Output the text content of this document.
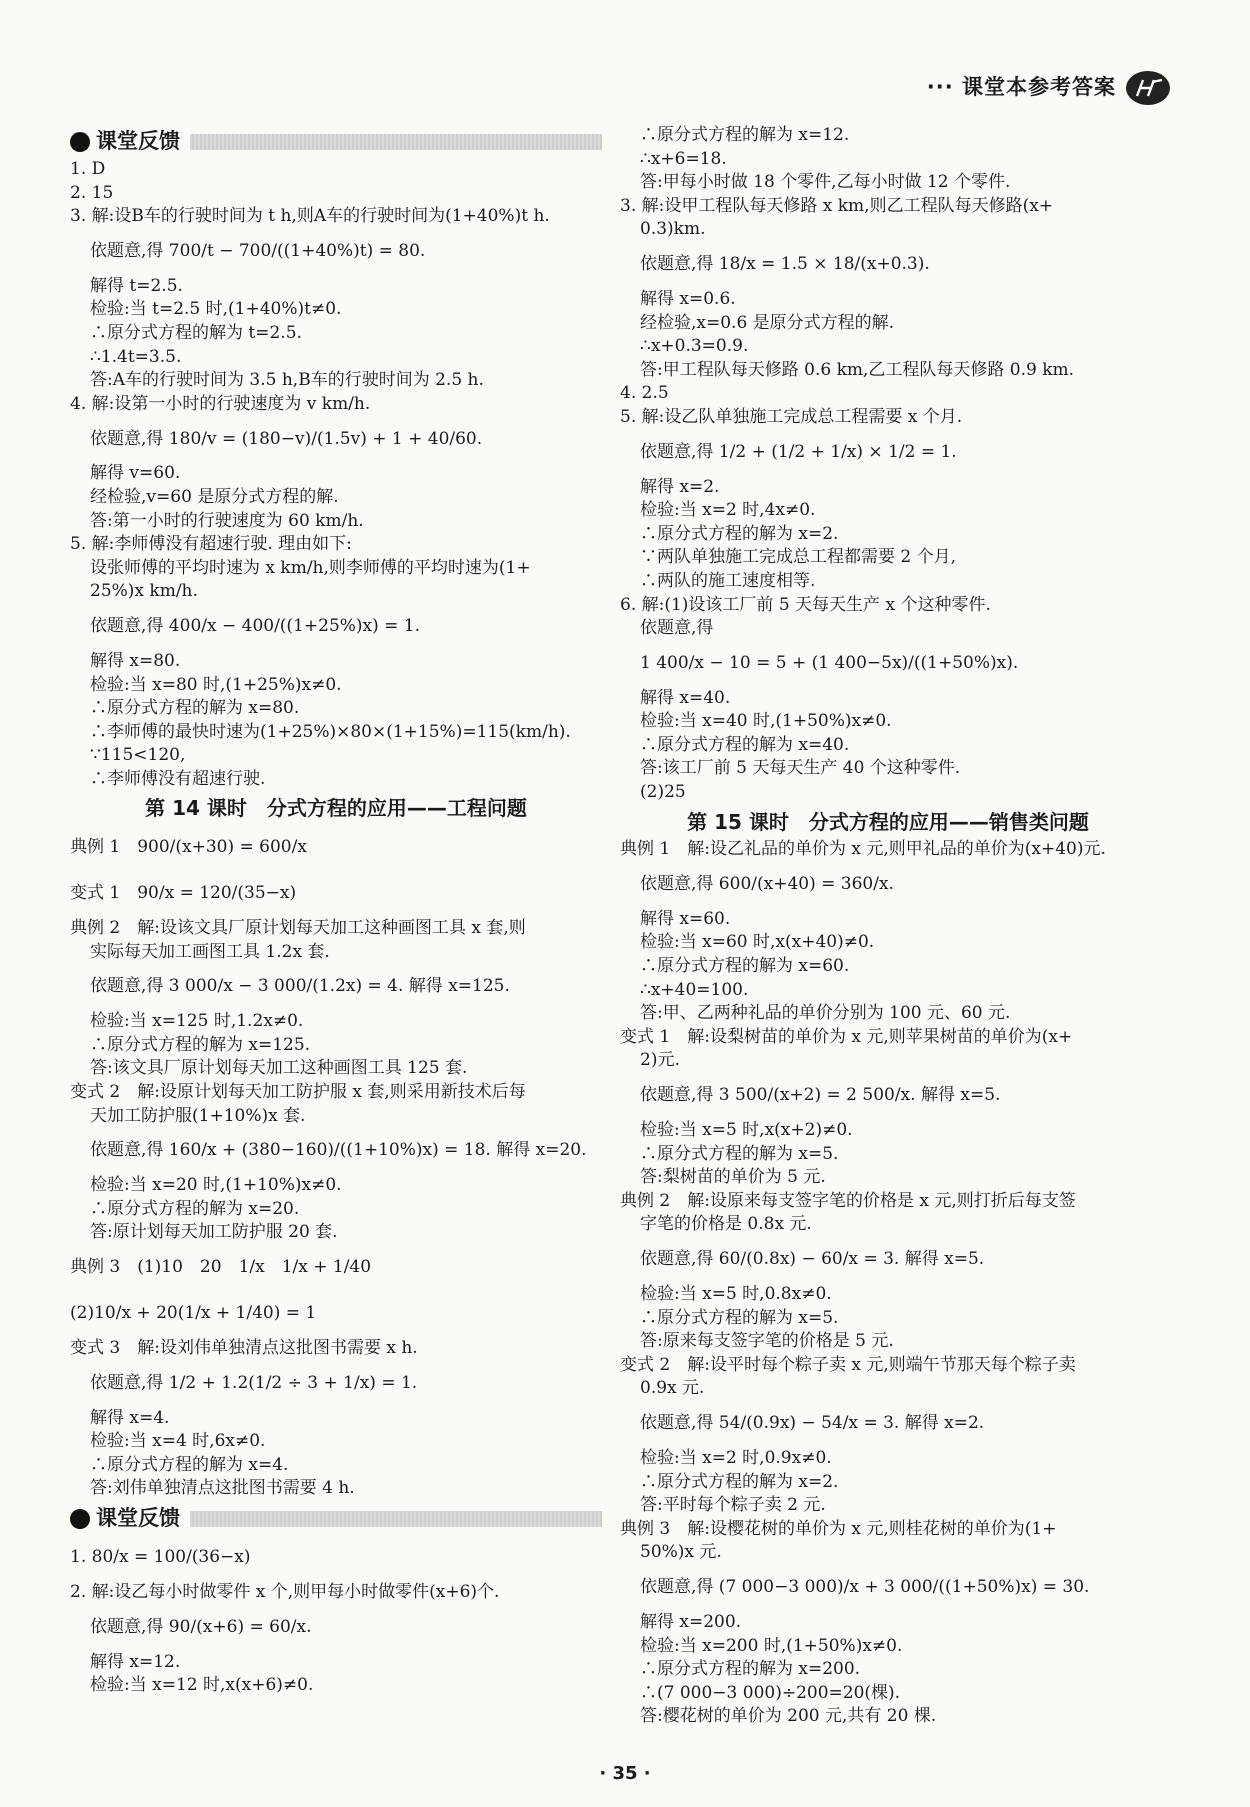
··· 课堂本参考答案
课堂反馈
1. D
2. 15
3. 解:设B车的行驶时间为 t h,则A车的行驶时间为(1+40%)t h.
依题意,得 700/t − 700/((1+40%)t) = 80.
解得 t=2.5.
检验:当 t=2.5 时,(1+40%)t≠0.
∴原分式方程的解为 t=2.5.
∴1.4t=3.5.
答:A车的行驶时间为 3.5 h,B车的行驶时间为 2.5 h.
4. 解:设第一小时的行驶速度为 v km/h.
依题意,得 180/v = (180−v)/(1.5v) + 1 + 40/60.
解得 v=60.
经检验,v=60 是原分式方程的解.
答:第一小时的行驶速度为 60 km/h.
5. 解:李师傅没有超速行驶. 理由如下:
设张师傅的平均时速为 x km/h,则李师傅的平均时速为(1+
25%)x km/h.
依题意,得 400/x − 400/((1+25%)x) = 1.
解得 x=80.
检验:当 x=80 时,(1+25%)x≠0.
∴原分式方程的解为 x=80.
∴李师傅的最快时速为(1+25%)×80×(1+15%)=115(km/h).
∵115<120,
∴李师傅没有超速行驶.
第 14 课时　分式方程的应用——工程问题
典例 1　900/(x+30) = 600/x
变式 1　90/x = 120/(35−x)
典例 2　解:设该文具厂原计划每天加工这种画图工具 x 套,则
实际每天加工画图工具 1.2x 套.
依题意,得 3 000/x − 3 000/(1.2x) = 4. 解得 x=125.
检验:当 x=125 时,1.2x≠0.
∴原分式方程的解为 x=125.
答:该文具厂原计划每天加工这种画图工具 125 套.
变式 2　解:设原计划每天加工防护服 x 套,则采用新技术后每
天加工防护服(1+10%)x 套.
依题意,得 160/x + (380−160)/((1+10%)x) = 18. 解得 x=20.
检验:当 x=20 时,(1+10%)x≠0.
∴原分式方程的解为 x=20.
答:原计划每天加工防护服 20 套.
典例 3　(1)10　20　1/x　1/x + 1/40
(2)10/x + 20(1/x + 1/40) = 1
变式 3　解:设刘伟单独清点这批图书需要 x h.
依题意,得 1/2 + 1.2(1/2 ÷ 3 + 1/x) = 1.
解得 x=4.
检验:当 x=4 时,6x≠0.
∴原分式方程的解为 x=4.
答:刘伟单独清点这批图书需要 4 h.
课堂反馈
1. 80/x = 100/(36−x)
2. 解:设乙每小时做零件 x 个,则甲每小时做零件(x+6)个.
依题意,得 90/(x+6) = 60/x.
解得 x=12.
检验:当 x=12 时,x(x+6)≠0.
∴原分式方程的解为 x=12.
∴x+6=18.
答:甲每小时做 18 个零件,乙每小时做 12 个零件.
3. 解:设甲工程队每天修路 x km,则乙工程队每天修路(x+
0.3)km.
依题意,得 18/x = 1.5 × 18/(x+0.3).
解得 x=0.6.
经检验,x=0.6 是原分式方程的解.
∴x+0.3=0.9.
答:甲工程队每天修路 0.6 km,乙工程队每天修路 0.9 km.
4. 2.5
5. 解:设乙队单独施工完成总工程需要 x 个月.
依题意,得 1/2 + (1/2 + 1/x) × 1/2 = 1.
解得 x=2.
检验:当 x=2 时,4x≠0.
∴原分式方程的解为 x=2.
∵两队单独施工完成总工程都需要 2 个月,
∴两队的施工速度相等.
6. 解:(1)设该工厂前 5 天每天生产 x 个这种零件.
依题意,得
1 400/x − 10 = 5 + (1 400−5x)/((1+50%)x).
解得 x=40.
检验:当 x=40 时,(1+50%)x≠0.
∴原分式方程的解为 x=40.
答:该工厂前 5 天每天生产 40 个这种零件.
(2)25
第 15 课时　分式方程的应用——销售类问题
典例 1　解:设乙礼品的单价为 x 元,则甲礼品的单价为(x+40)元.
依题意,得 600/(x+40) = 360/x.
解得 x=60.
检验:当 x=60 时,x(x+40)≠0.
∴原分式方程的解为 x=60.
∴x+40=100.
答:甲、乙两种礼品的单价分别为 100 元、60 元.
变式 1　解:设梨树苗的单价为 x 元,则苹果树苗的单价为(x+
2)元.
依题意,得 3 500/(x+2) = 2 500/x. 解得 x=5.
检验:当 x=5 时,x(x+2)≠0.
∴原分式方程的解为 x=5.
答:梨树苗的单价为 5 元.
典例 2　解:设原来每支签字笔的价格是 x 元,则打折后每支签
字笔的价格是 0.8x 元.
依题意,得 60/(0.8x) − 60/x = 3. 解得 x=5.
检验:当 x=5 时,0.8x≠0.
∴原分式方程的解为 x=5.
答:原来每支签字笔的价格是 5 元.
变式 2　解:设平时每个粽子卖 x 元,则端午节那天每个粽子卖
0.9x 元.
依题意,得 54/(0.9x) − 54/x = 3. 解得 x=2.
检验:当 x=2 时,0.9x≠0.
∴原分式方程的解为 x=2.
答:平时每个粽子卖 2 元.
典例 3　解:设樱花树的单价为 x 元,则桂花树的单价为(1+
50%)x 元.
依题意,得 (7 000−3 000)/x + 3 000/((1+50%)x) = 30.
解得 x=200.
检验:当 x=200 时,(1+50%)x≠0.
∴原分式方程的解为 x=200.
∴(7 000−3 000)÷200=20(棵).
答:樱花树的单价为 200 元,共有 20 棵.
· 35 ·
